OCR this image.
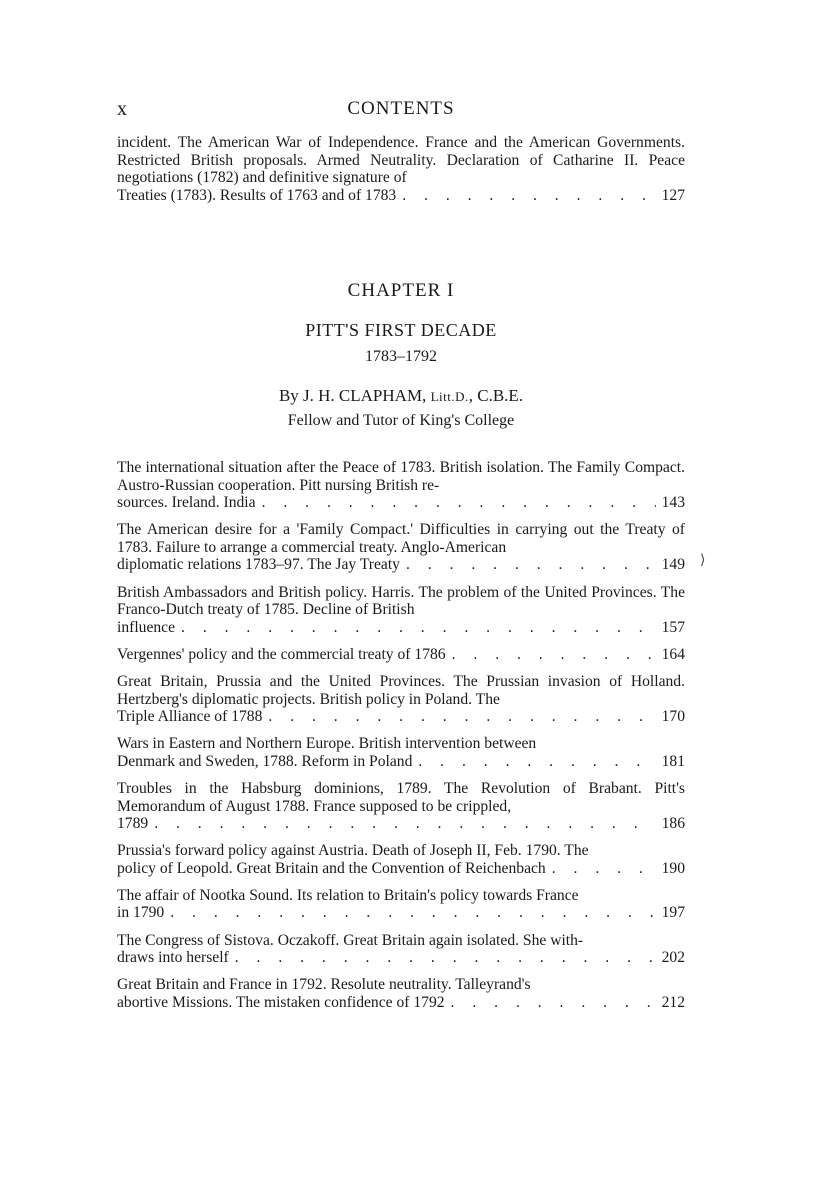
x	CONTENTS
incident. The American War of Independence. France and the American Governments. Restricted British proposals. Armed Neutrality. Declaration of Catharine II. Peace negotiations (1782) and definitive signature of
Treaties (1783). Results of 1763 and of 1783 . . .	127
CHAPTER I
PITT'S FIRST DECADE
1783–1792
By J. H. CLAPHAM, Litt.D., C.B.E.
Fellow and Tutor of King's College
The international situation after the Peace of 1783. British isolation. The Family Compact. Austro-Russian cooperation. Pitt nursing British re-
sources. Ireland. India . . .	143
The American desire for a 'Family Compact.' Difficulties in carrying out the Treaty of 1783. Failure to arrange a commercial treaty. Anglo-American
diplomatic relations 1783–97. The Jay Treaty . . .	149
British Ambassadors and British policy. Harris. The problem of the United Provinces. The Franco-Dutch treaty of 1785. Decline of British
influence . . .	157
Vergennes' policy and the commercial treaty of 1786 . . .	164
Great Britain, Prussia and the United Provinces. The Prussian invasion of Holland. Hertzberg's diplomatic projects. British policy in Poland. The
Triple Alliance of 1788 . . .	170
Wars in Eastern and Northern Europe. British intervention between
Denmark and Sweden, 1788. Reform in Poland . . .	181
Troubles in the Habsburg dominions, 1789. The Revolution of Brabant. Pitt's Memorandum of August 1788. France supposed to be crippled,
1789 . . .	186
Prussia's forward policy against Austria. Death of Joseph II, Feb. 1790. The
policy of Leopold. Great Britain and the Convention of Reichenbach . . .	190
The affair of Nootka Sound. Its relation to Britain's policy towards France
in 1790 . . .	197
The Congress of Sistova. Oczakoff. Great Britain again isolated. She with-
draws into herself . . .	202
Great Britain and France in 1792. Resolute neutrality. Talleyrand's
abortive Missions. The mistaken confidence of 1792 . . .	212
⟩
